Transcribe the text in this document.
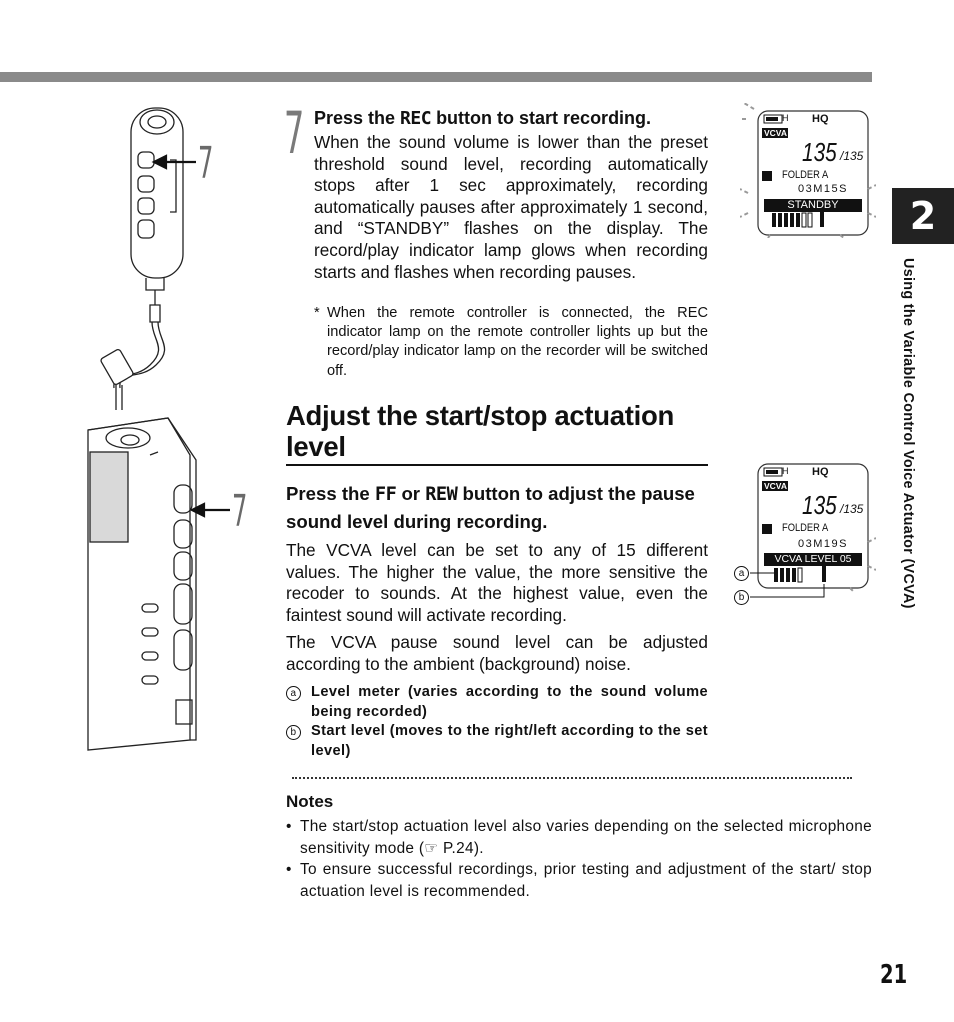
7
7
7 Press the REC button to start recording.
When the sound volume is lower than the preset threshold sound level, recording automatically stops after 1 sec approximately, recording automatically pauses after approximately 1 second, and “STANDBY” flashes on the display. The record/play indicator lamp glows when recording starts and flashes when recording pauses.
* When the remote controller is connected, the REC indicator lamp on the remote controller lights up but the record/play indicator lamp on the recorder will be switched off.
H HQ
VCVA
135 /135
FOLDER A
03M15S
STANDBY
Adjust the start/stop actuation level
Press the FF or REW button to adjust the pause sound level during recording.
The VCVA level can be set to any of 15 different values. The higher the value, the more sensitive the recoder to sounds. At the highest value, even the faintest sound will activate recording.
The VCVA pause sound level can be adjusted according to the ambient (background) noise.
a Level meter (varies according to the sound volume being recorded)
b Start level (moves to the right/left according to the set level)
H HQ
VCVA
135 /135
FOLDER A
03M19S
VCVA LEVEL 05
a
b
Notes
• The start/stop actuation level also varies depending on the selected microphone sensitivity mode (☞ P.24).
• To ensure successful recordings, prior testing and adjustment of the start/ stop actuation level is recommended.
2
Using the Variable Control Voice Actuator (VCVA)
21
